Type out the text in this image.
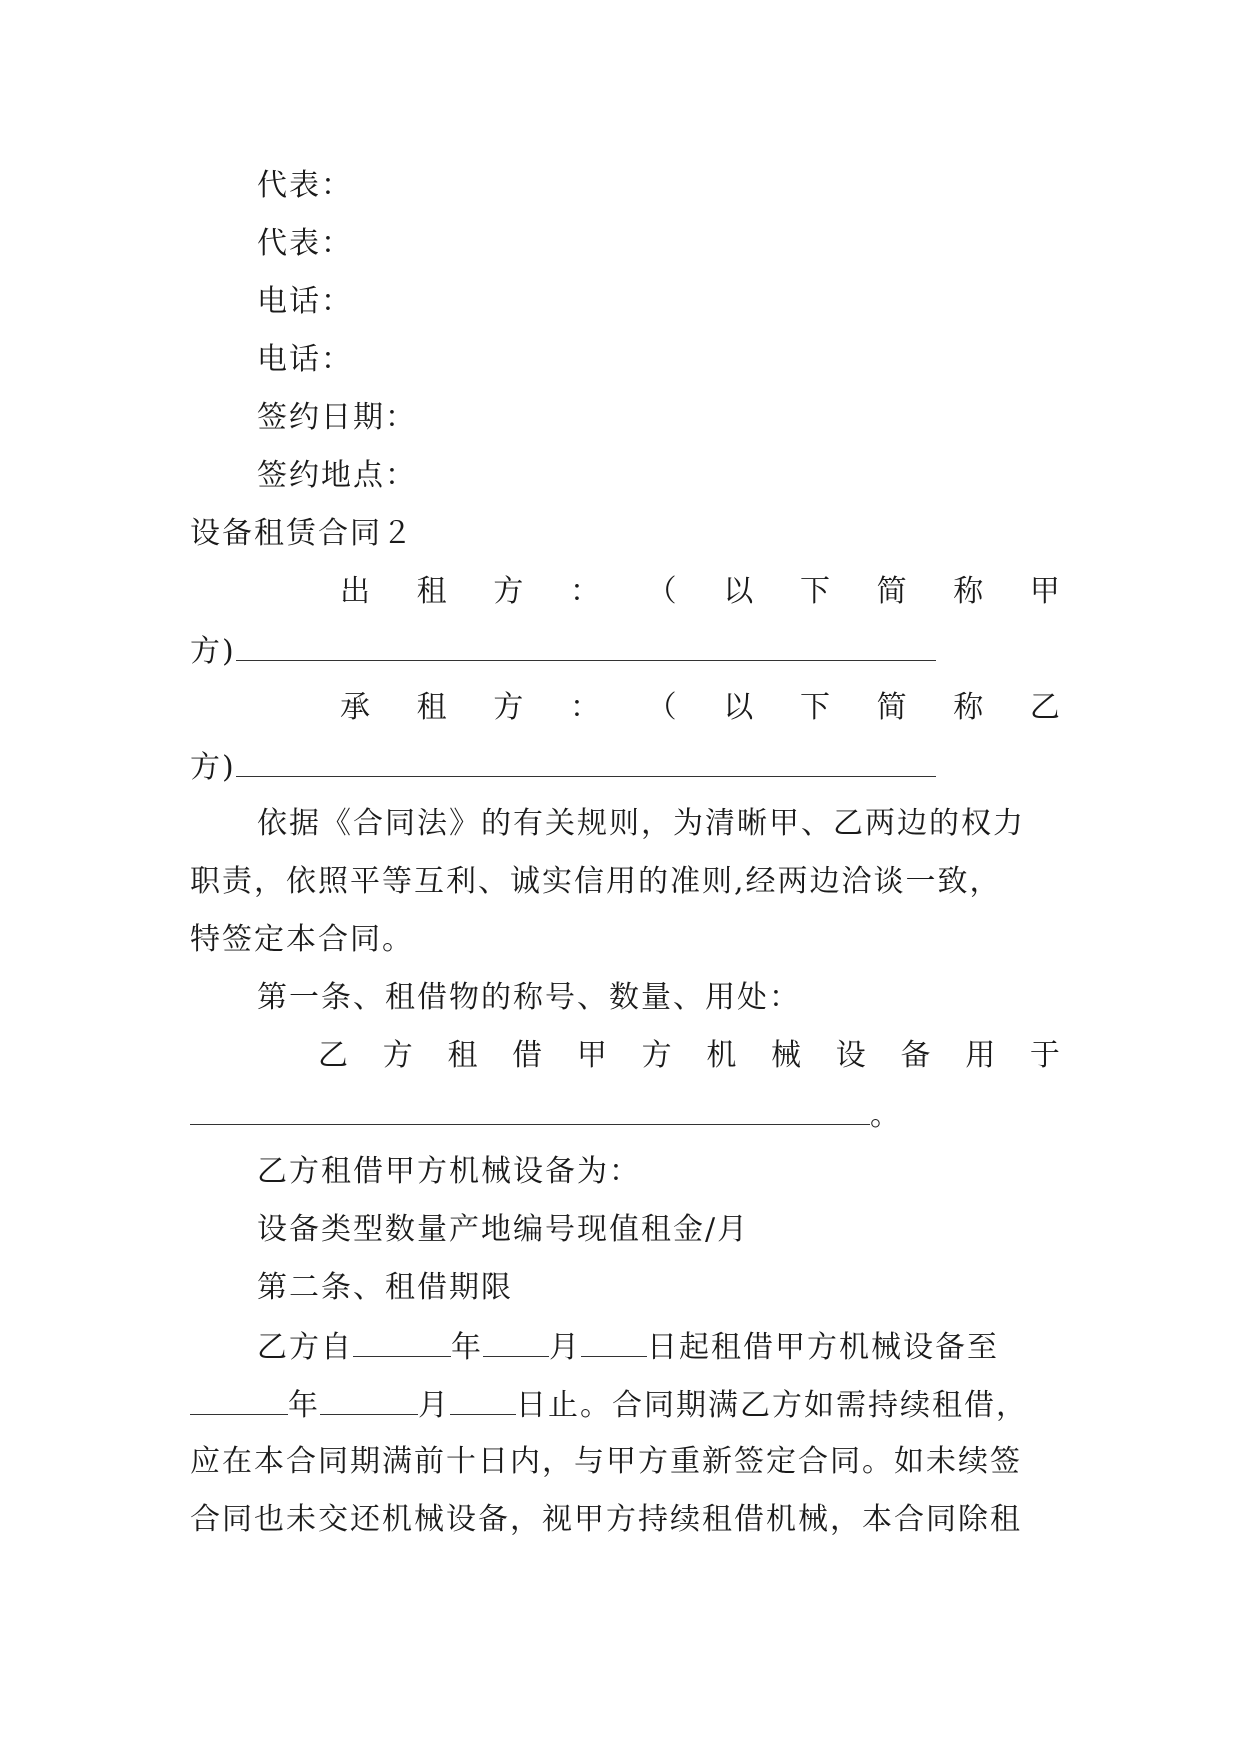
代表：
代表：
电话：
电话：
签约日期：
签约地点：
设备租赁合同２
出 租 方 ： （ 以 下 简 称 甲
方)
承 租 方 ： （ 以 下 简 称 乙
方)
依据《合同法》的有关规则，为清晰甲、乙两边的权力
职责，依照平等互利、诚实信用的准则,经两边洽谈一致，
特签定本合同。
第一条、租借物的称号、数量、用处：
乙 方 租 借 甲 方 机 械 设 备 用 于
。
乙方租借甲方机械设备为：
设备类型数量产地编号现值租金/月
第二条、租借期限
乙方自	年 月 日起租借甲方机械设备至
年	月 日止。合同期满乙方如需持续租借，
应在本合同期满前十日内，与甲方重新签定合同。如未续签
合同也未交还机械设备，视甲方持续租借机械，本合同除租
